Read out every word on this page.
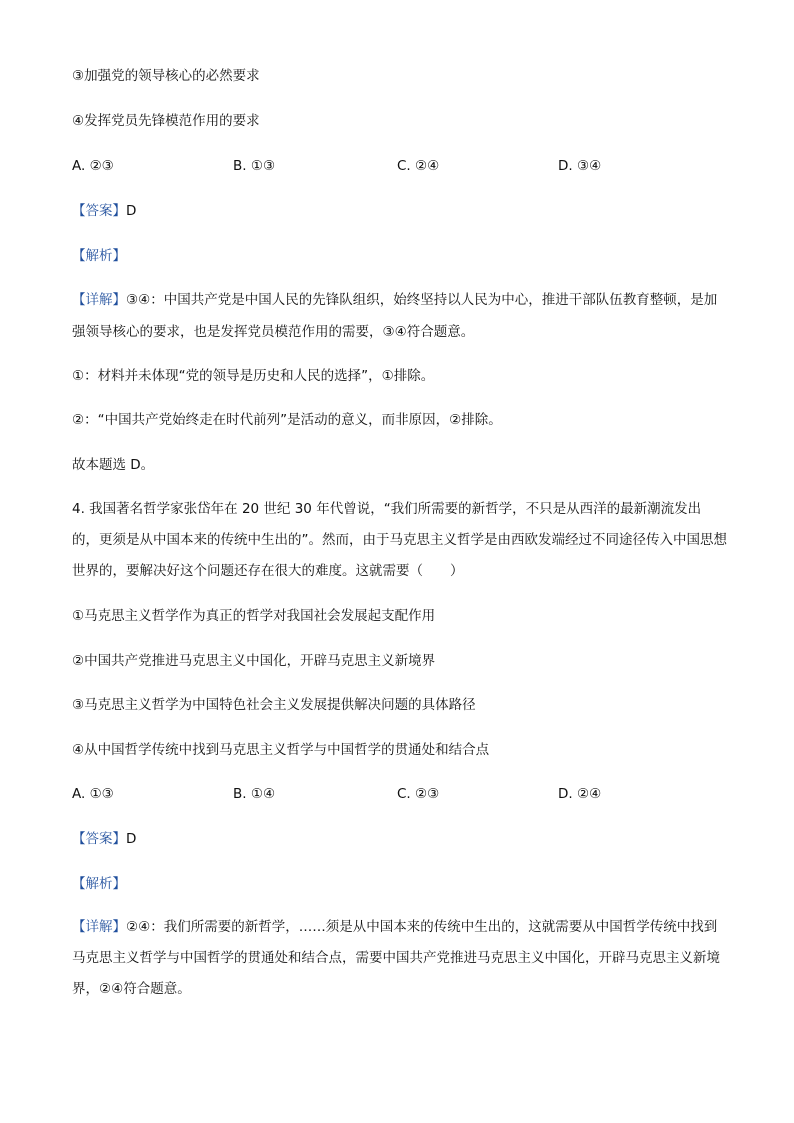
③加强党的领导核心的必然要求
④发挥党员先锋模范作用的要求
A. ②③	B. ①③	C. ②④	D. ③④
【答案】D
【解析】
【详解】③④：中国共产党是中国人民的先锋队组织，始终坚持以人民为中心，推进干部队伍教育整顿，是加强领导核心的要求，也是发挥党员模范作用的需要，③④符合题意。
①：材料并未体现“党的领导是历史和人民的选择”，①排除。
②：“中国共产党始终走在时代前列”是活动的意义，而非原因，②排除。
故本题选 D。
4. 我国著名哲学家张岱年在 20 世纪 30 年代曾说，“我们所需要的新哲学，不只是从西洋的最新潮流发出的，更须是从中国本来的传统中生出的”。然而，由于马克思主义哲学是由西欧发端经过不同途径传入中国思想世界的，要解决好这个问题还存在很大的难度。这就需要（　　）
①马克思主义哲学作为真正的哲学对我国社会发展起支配作用
②中国共产党推进马克思主义中国化，开辟马克思主义新境界
③马克思主义哲学为中国特色社会主义发展提供解决问题的具体路径
④从中国哲学传统中找到马克思主义哲学与中国哲学的贯通处和结合点
A. ①③	B. ①④	C. ②③	D. ②④
【答案】D
【解析】
【详解】②④：我们所需要的新哲学，……须是从中国本来的传统中生出的，这就需要从中国哲学传统中找到马克思主义哲学与中国哲学的贯通处和结合点，需要中国共产党推进马克思主义中国化，开辟马克思主义新境界，②④符合题意。
